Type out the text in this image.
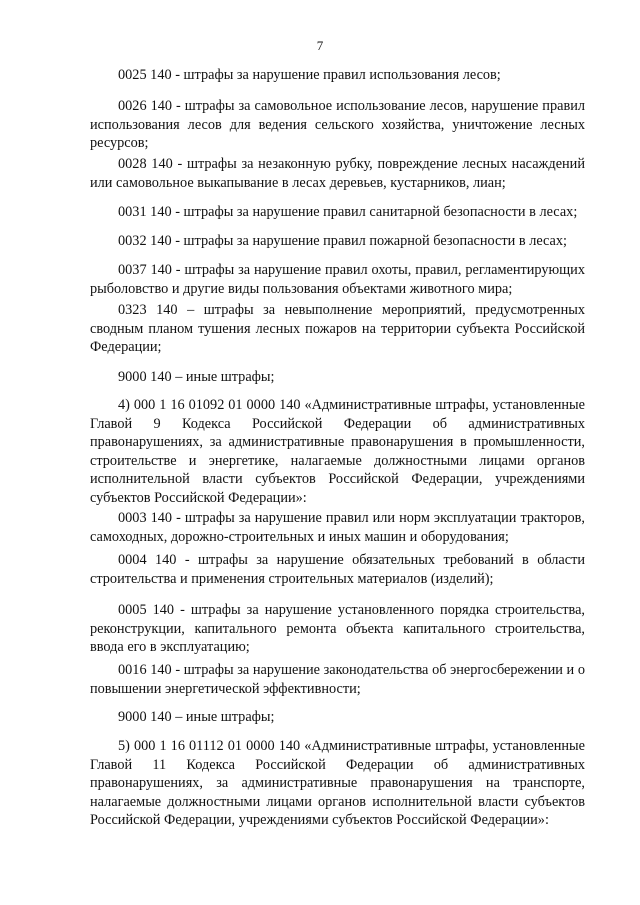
7

0025 140 - штрафы за нарушение правил использования лесов;

0026 140 - штрафы за самовольное использование лесов, нарушение правил использования лесов для ведения сельского хозяйства, уничтожение лесных ресурсов;

0028 140 - штрафы за незаконную рубку, повреждение лесных насаждений или самовольное выкапывание в лесах деревьев, кустарников, лиан;

0031 140 - штрафы за нарушение правил санитарной безопасности в лесах;

0032 140 - штрафы за нарушение правил пожарной безопасности в лесах;

0037 140 - штрафы за нарушение правил охоты, правил, регламентирующих рыболовство и другие виды пользования объектами животного мира;

0323 140 – штрафы за невыполнение мероприятий, предусмотренных сводным планом тушения лесных пожаров на территории субъекта Российской Федерации;

9000 140 – иные штрафы;

4) 000 1 16 01092 01 0000 140 «Административные штрафы, установленные Главой 9 Кодекса Российской Федерации об административных правонарушениях, за административные правонарушения в промышленности, строительстве и энергетике, налагаемые должностными лицами органов исполнительной власти субъектов Российской Федерации, учреждениями субъектов Российской Федерации»:

0003 140 - штрафы за нарушение правил или норм эксплуатации тракторов, самоходных, дорожно-строительных и иных машин и оборудования;

0004 140 - штрафы за нарушение обязательных требований в области строительства и применения строительных материалов (изделий);

0005 140 - штрафы за нарушение установленного порядка строительства, реконструкции, капитального ремонта объекта капитального строительства, ввода его в эксплуатацию;

0016 140 - штрафы за нарушение законодательства об энергосбережении и о повышении энергетической эффективности;

9000 140 – иные штрафы;

5) 000 1 16 01112 01 0000 140 «Административные штрафы, установленные Главой 11 Кодекса Российской Федерации об административных правонарушениях, за административные правонарушения на транспорте, налагаемые должностными лицами органов исполнительной власти субъектов Российской Федерации, учреждениями субъектов Российской Федерации»:
